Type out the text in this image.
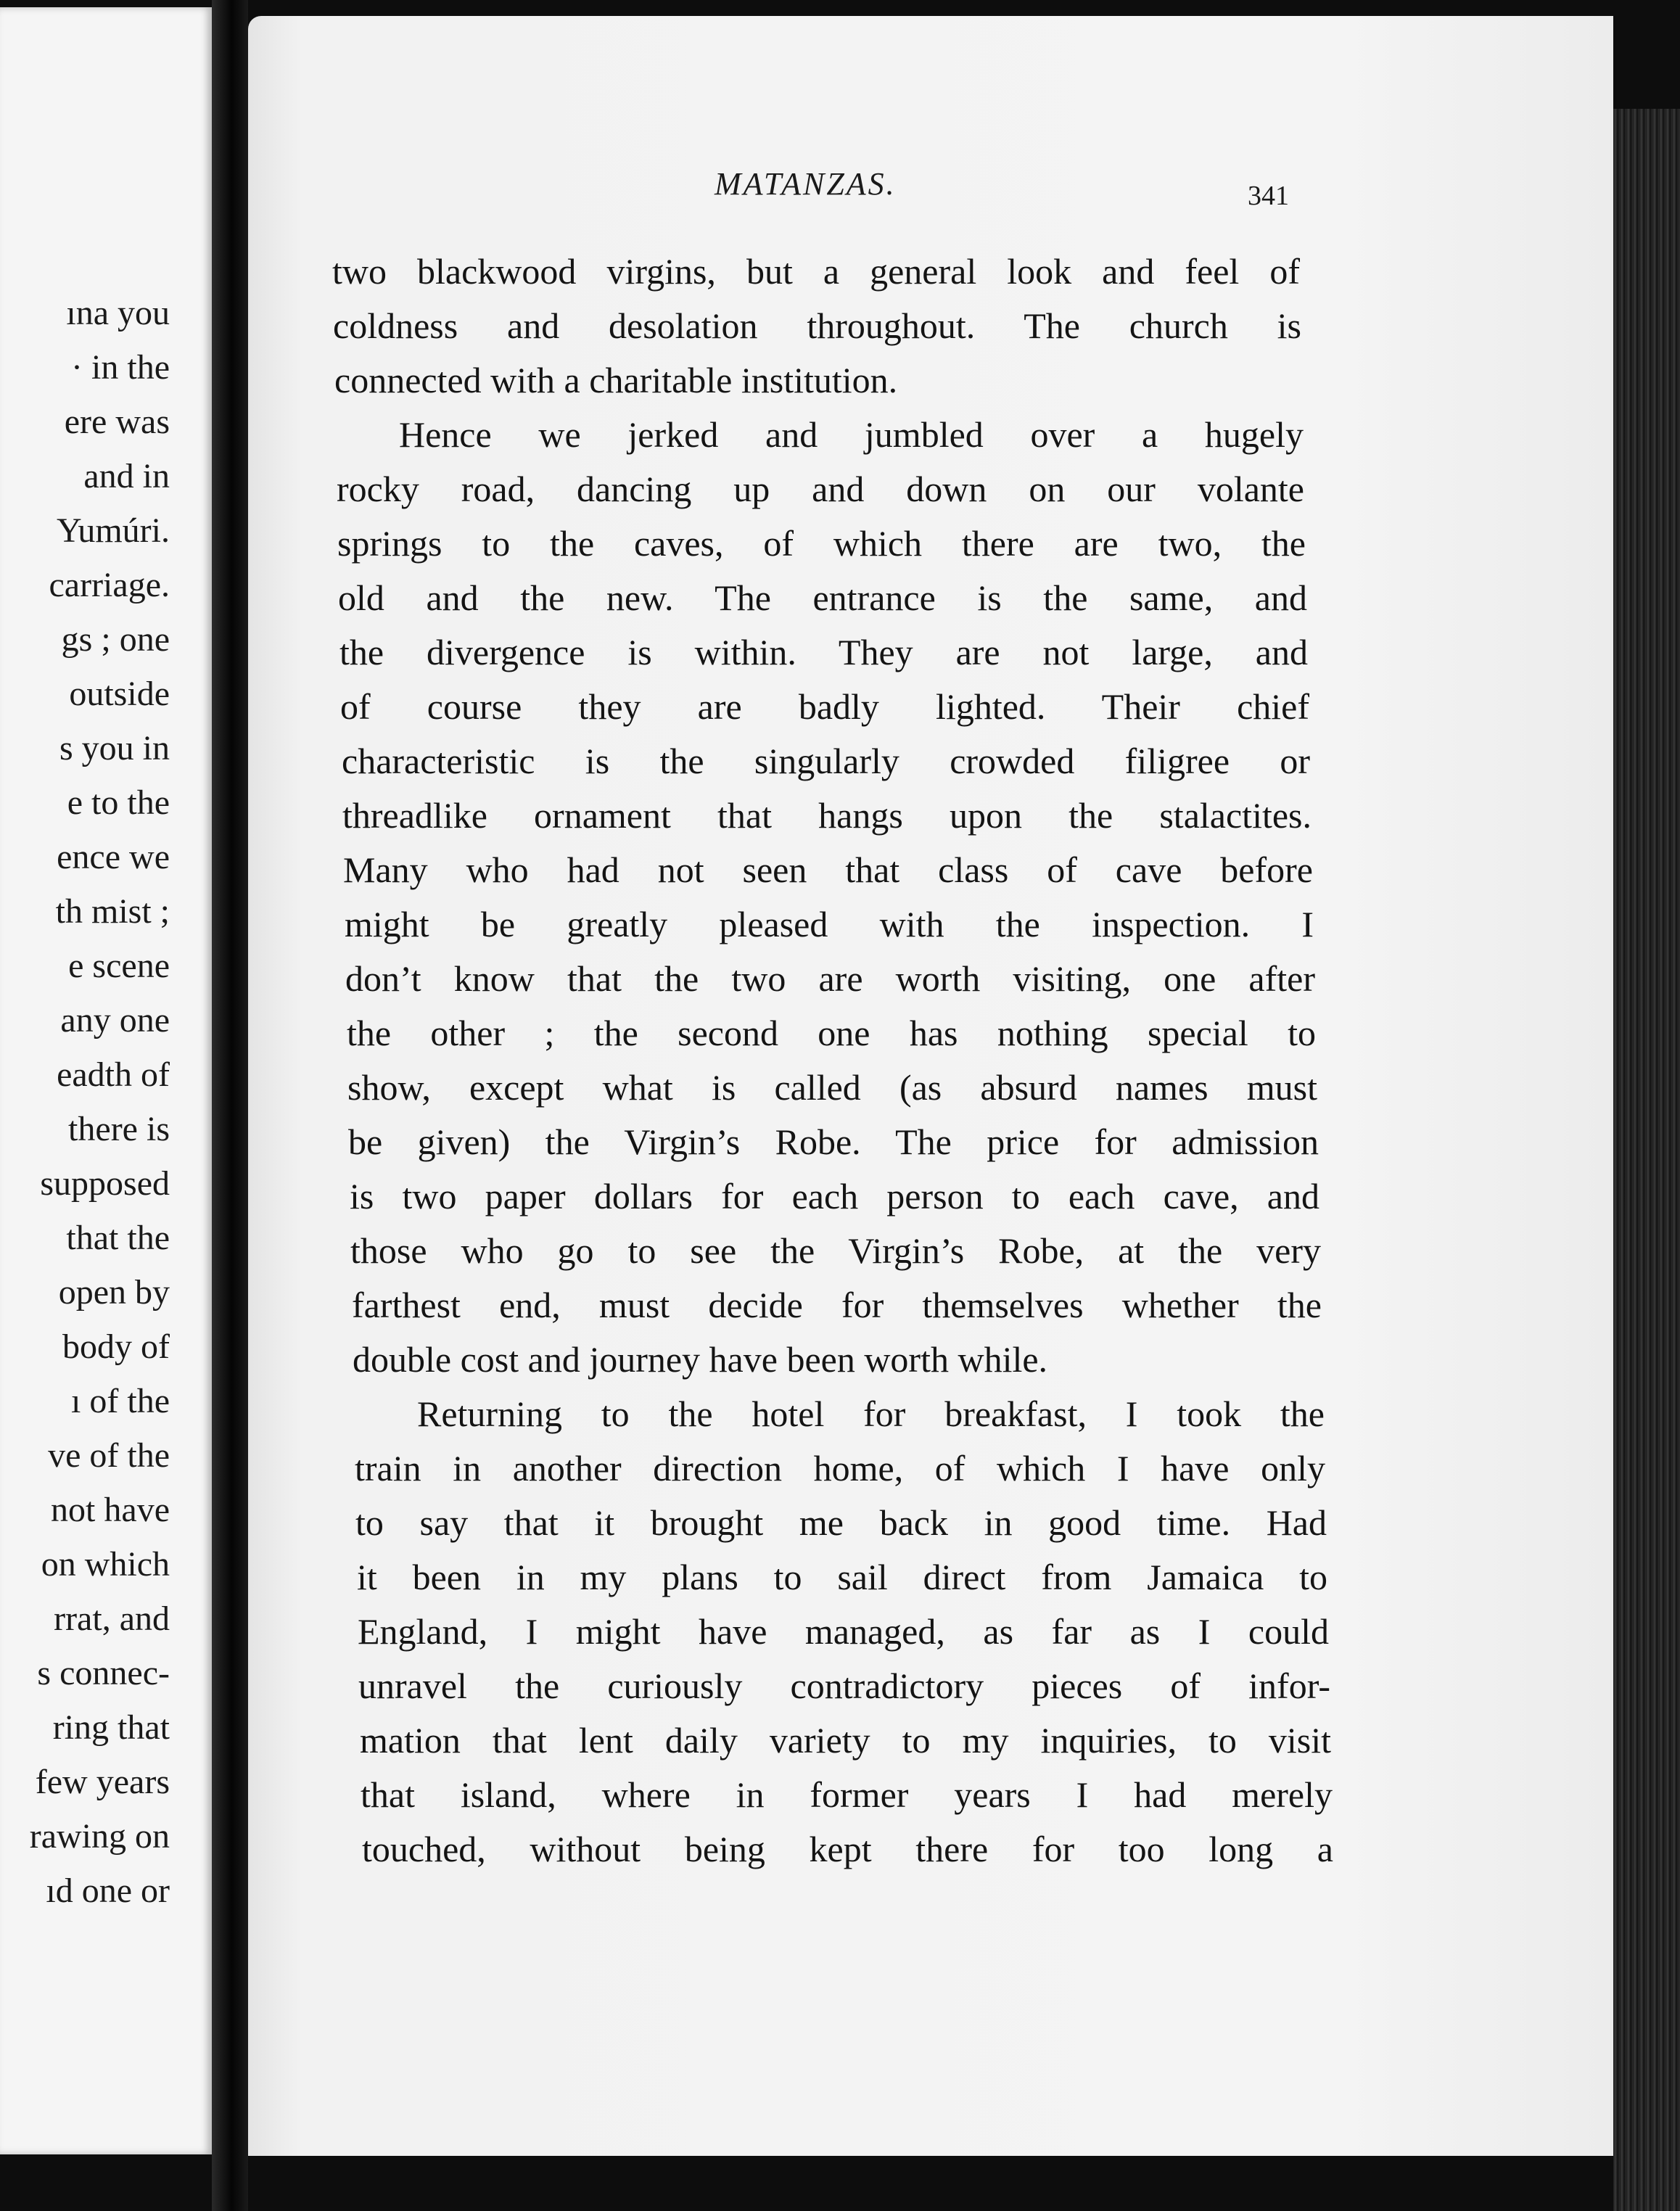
ına you
· in the
ere was
and in
Yumúri.
carriage.
gs ; one
outside
s you in
e to the
ence we
th mist ;
e scene
any one
eadth of
there is
supposed
that the
open by
body of
ı of the
ve of the
not have
on which
rrat, and
s connec-
ring that
few years
rawing on
ıd one or
MATANZAS.	341
two blackwood virgins, but a general look and feel of
coldness and desolation throughout. The church is
connected with a charitable institution.
Hence we jerked and jumbled over a hugely
rocky road, dancing up and down on our volante
springs to the caves, of which there are two, the
old and the new. The entrance is the same, and
the divergence is within. They are not large, and
of course they are badly lighted. Their chief
characteristic is the singularly crowded filigree or
threadlike ornament that hangs upon the stalactites.
Many who had not seen that class of cave before
might be greatly pleased with the inspection. I
don’t know that the two are worth visiting, one after
the other ; the second one has nothing special to
show, except what is called (as absurd names must
be given) the Virgin’s Robe. The price for admission
is two paper dollars for each person to each cave, and
those who go to see the Virgin’s Robe, at the very
farthest end, must decide for themselves whether the
double cost and journey have been worth while.
Returning to the hotel for breakfast, I took the
train in another direction home, of which I have only
to say that it brought me back in good time. Had
it been in my plans to sail direct from Jamaica to
England, I might have managed, as far as I could
unravel the curiously contradictory pieces of infor-
mation that lent daily variety to my inquiries, to visit
that island, where in former years I had merely
touched, without being kept there for too long a
